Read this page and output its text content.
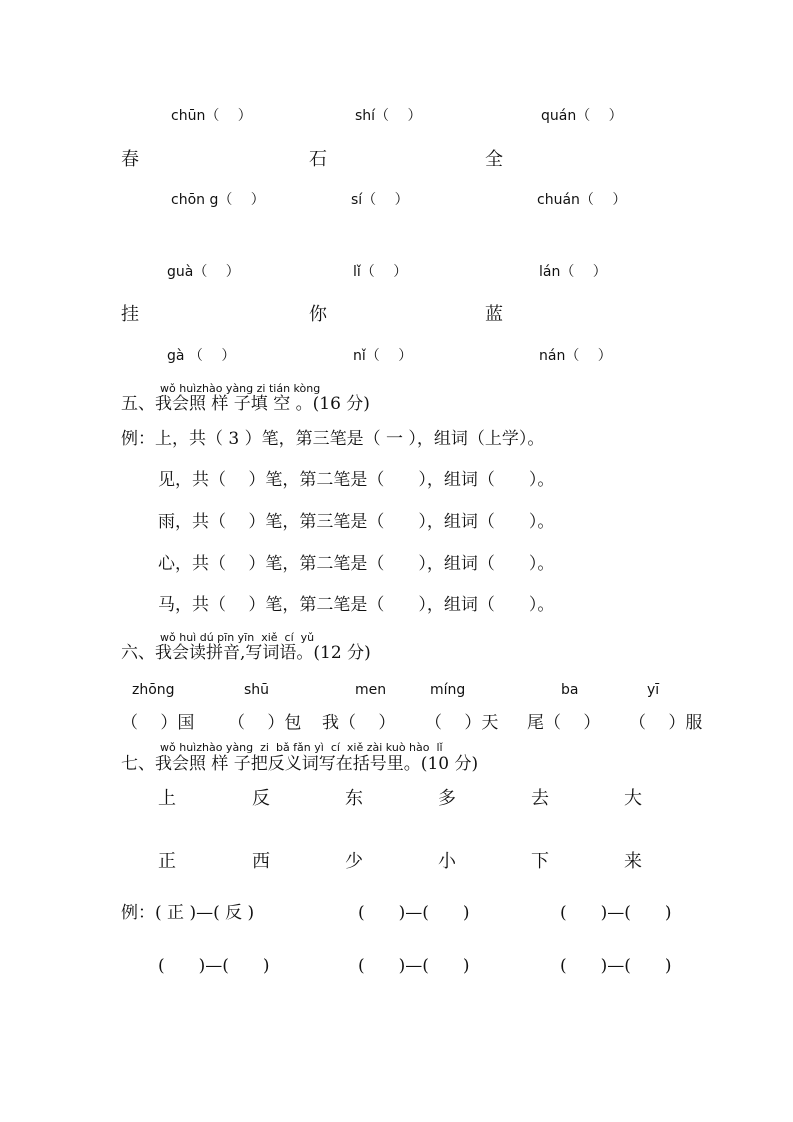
chūn（　 ）	shí（　 ）	quán（　 ）
春	石	全
chōn g（　 ）	sí（　 ）	chuán（　 ）
guà（　 ）	lǐ（　 ）	lán（　 ）
挂	你	蓝
gà （　 ）	nǐ（　 ）	nán（　 ）
wǒ huìzhào yàng zi tián kòng
五、我会照 样 子填 空 。(16 分)
例：上，共（ 3 ）笔，第三笔是（ 一 ），组词（上学）。
见，共（　 ）笔，第二笔是（　　），组词（　　）。
雨，共（　 ）笔，第三笔是（　　），组词（　　）。
心，共（　 ）笔，第二笔是（　　），组词（　　）。
马，共（　 ）笔，第二笔是（　　），组词（　　）。
wǒ huì dú pīn yīn  xiě  cí  yǔ
六、我会读拼音,写词语。(12 分)
zhōng	shū	men	míng	ba	yī
（　 ）国 （　 ）包 我（　 ） （　 ）天 尾（　 ） （　 ）服
wǒ huìzhào yàng  zi  bǎ fǎn yì  cí  xiě zài kuò hào  lǐ
七、我会照 样 子把反义词写在括号里。(10 分)
上	反	东	多	去	大
正	西	少	小	下	来
例：( 正 )—( 反 )	(　　)—(　　)	(　　)—(　　)
(　　)—(　　)	(　　)—(　　)	(　　)—(　　)
